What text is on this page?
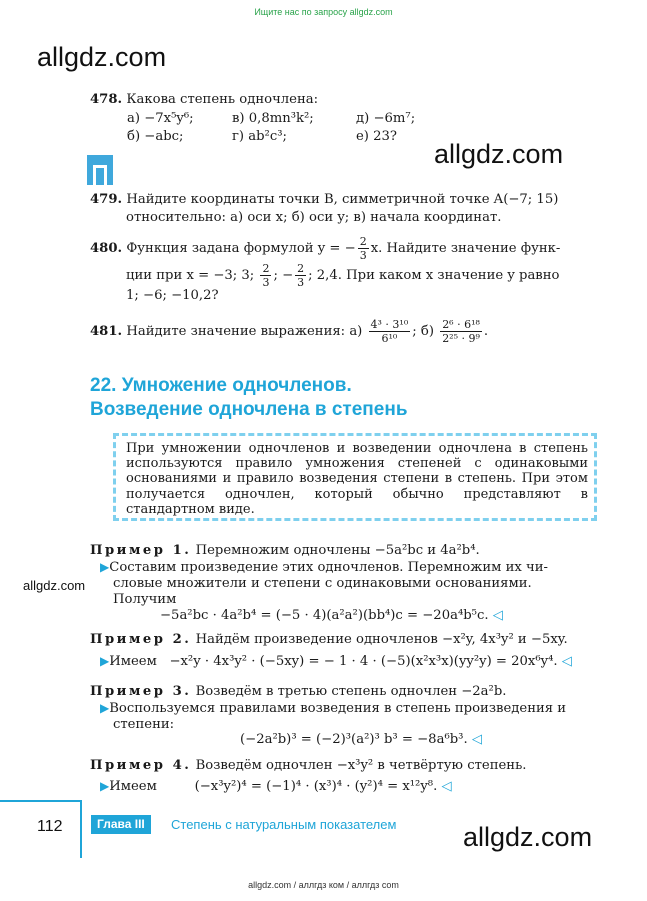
Ищите нас по запросу allgdz.com
allgdz.com
allgdz.com
allgdz.com
allgdz.com
478. Какова степень одночлена:
а) −7x⁵y⁶;
б) −abc;
в) 0,8mn³k²;
г) ab²c³;
д) −6m⁷;
е) 23?
479. Найдите координаты точки B, симметричной точке A(−7; 15)
относительно: а) оси x; б) оси y; в) начала координат.
480. Функция задана формулой y = − $\frac{2}{3} x$. Найдите значение функ-
ции при x = −3; 3; $\frac{2}{3}$ ; − $\frac{2}{3}$ ; 2,4. При каком x значение y равно
1; −6; −10,2?
481. Найдите значение выражения: $а) \frac{\text{4³ · 3¹⁰}}{\text{6¹⁰}}$ ; $б) \frac{\text{2⁶ · 6¹⁸}}{\text{2²⁵ · 9⁹}}$ .
22. Умножение одночленов.
Возведение одночлена в степень
При умножении одночленов и возведении одночлена в степень используются правило умножения степеней с одинаковыми основаниями и правило возведения степени в степень. При этом получается одночлен, который обычно представляют в стандартном виде.
Пример 1. Перемножим одночлены −5a²bc и 4a²b⁴.
▶Составим произведение этих одночленов. Перемножим их чи-
словые множители и степени с одинаковыми основаниями.
Получим
−5a²bc · 4a²b⁴ = (−5 · 4)(a²a²)(bb⁴)c = −20a⁴b⁵c. ◁
Пример 2. Найдём произведение одночленов −x²y, 4x³y² и −5xy.
▶Имеем −x²y · 4x³y² · (−5xy) = − 1 · 4 · (−5)(x²x³x)(yy²y) = 20x⁶y⁴. ◁
Пример 3. Возведём в третью степень одночлен −2a²b.
▶Воспользуемся правилами возведения в степень произведения и
степени:
(−2a²b)³ = (−2)³(a²)³ b³ = −8a⁶b³. ◁
Пример 4. Возведём одночлен −x³y² в четвёртую степень.
▶Имеем	(−x³y²)⁴ = (−1)⁴ · (x³)⁴ · (y²)⁴ = x¹²y⁸. ◁
112	Глава III	Степень с натуральным показателем
allgdz.com / аллгдз ком / аллгдз com
